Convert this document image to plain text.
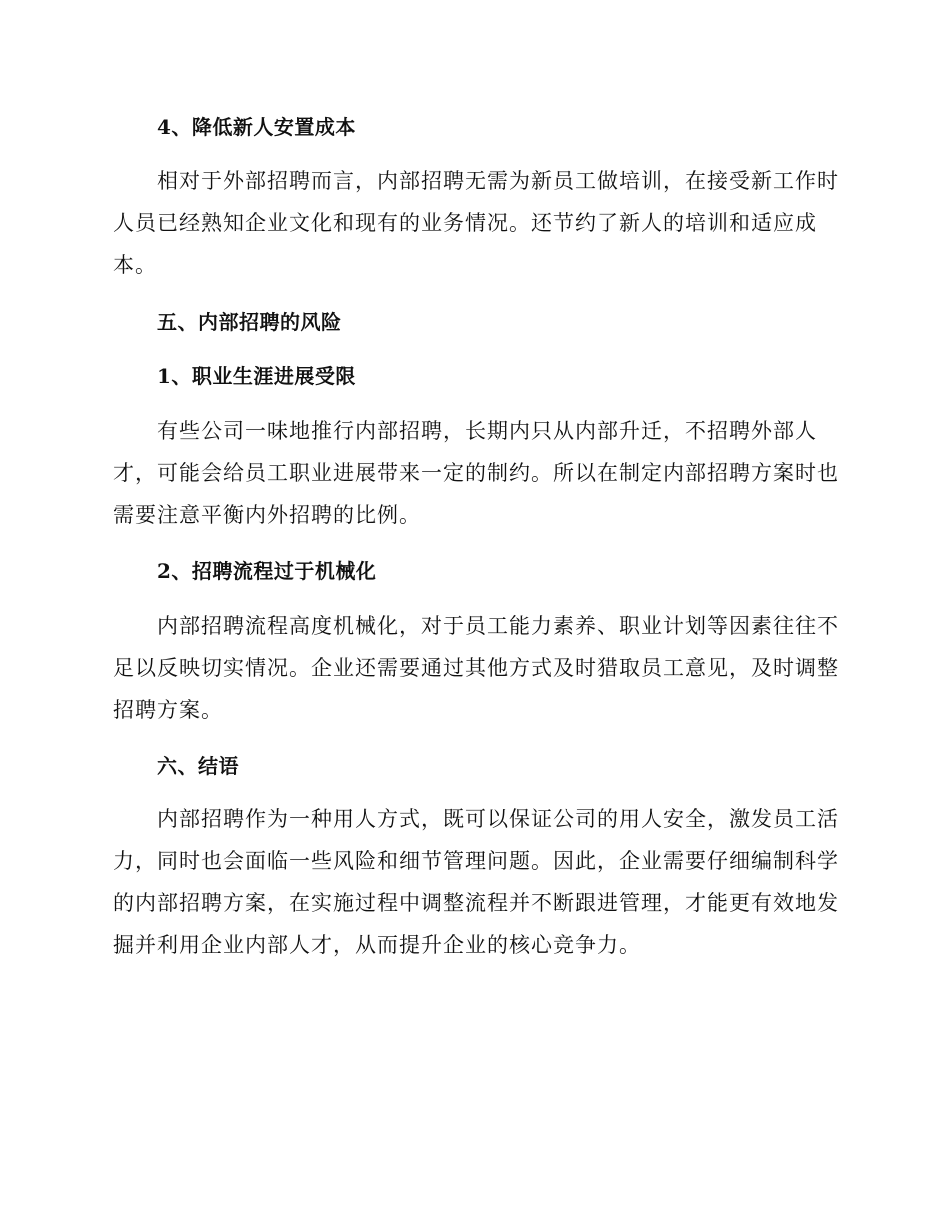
4、降低新人安置成本
相对于外部招聘而言，内部招聘无需为新员工做培训，在接受新工作时
人员已经熟知企业文化和现有的业务情况。还节约了新人的培训和适应成
本。
五、内部招聘的风险
1、职业生涯进展受限
有些公司一味地推行内部招聘，长期内只从内部升迁，不招聘外部人
才，可能会给员工职业进展带来一定的制约。所以在制定内部招聘方案时也
需要注意平衡内外招聘的比例。
2、招聘流程过于机械化
内部招聘流程高度机械化，对于员工能力素养、职业计划等因素往往不
足以反映切实情况。企业还需要通过其他方式及时猎取员工意见，及时调整
招聘方案。
六、结语
内部招聘作为一种用人方式，既可以保证公司的用人安全，激发员工活
力，同时也会面临一些风险和细节管理问题。因此，企业需要仔细编制科学
的内部招聘方案，在实施过程中调整流程并不断跟进管理，才能更有效地发
掘并利用企业内部人才，从而提升企业的核心竞争力。
